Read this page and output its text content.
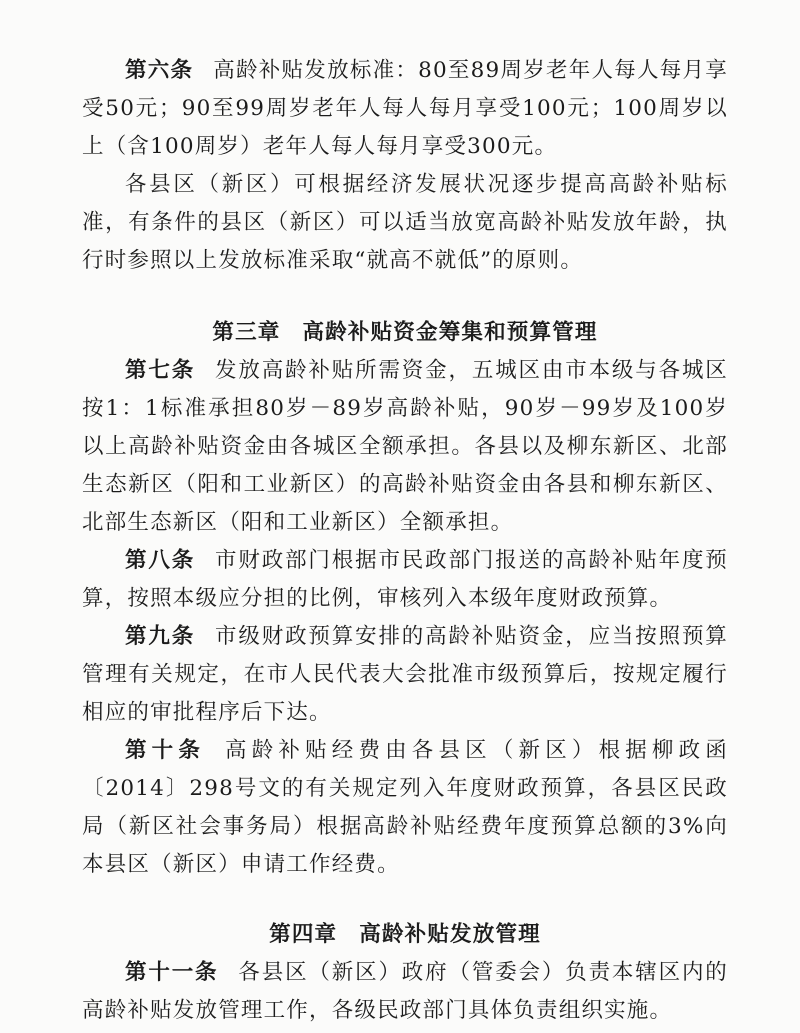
第六条 高龄补贴发放标准：80至89周岁老年人每人每月享受50元；90至99周岁老年人每人每月享受100元；100周岁以上（含100周岁）老年人每人每月享受300元。

各县区（新区）可根据经济发展状况逐步提高高龄补贴标准，有条件的县区（新区）可以适当放宽高龄补贴发放年龄，执行时参照以上发放标准采取“就高不就低”的原则。

第三章 高龄补贴资金筹集和预算管理

第七条 发放高龄补贴所需资金，五城区由市本级与各城区按1：1标准承担80岁－89岁高龄补贴，90岁－99岁及100岁以上高龄补贴资金由各城区全额承担。各县以及柳东新区、北部生态新区（阳和工业新区）的高龄补贴资金由各县和柳东新区、北部生态新区（阳和工业新区）全额承担。

第八条 市财政部门根据市民政部门报送的高龄补贴年度预算，按照本级应分担的比例，审核列入本级年度财政预算。

第九条 市级财政预算安排的高龄补贴资金，应当按照预算管理有关规定，在市人民代表大会批准市级预算后，按规定履行相应的审批程序后下达。

第十条 高龄补贴经费由各县区（新区）根据柳政函〔2014〕298号文的有关规定列入年度财政预算，各县区民政局（新区社会事务局）根据高龄补贴经费年度预算总额的3%向本县区（新区）申请工作经费。

第四章 高龄补贴发放管理

第十一条 各县区（新区）政府（管委会）负责本辖区内的高龄补贴发放管理工作，各级民政部门具体负责组织实施。
